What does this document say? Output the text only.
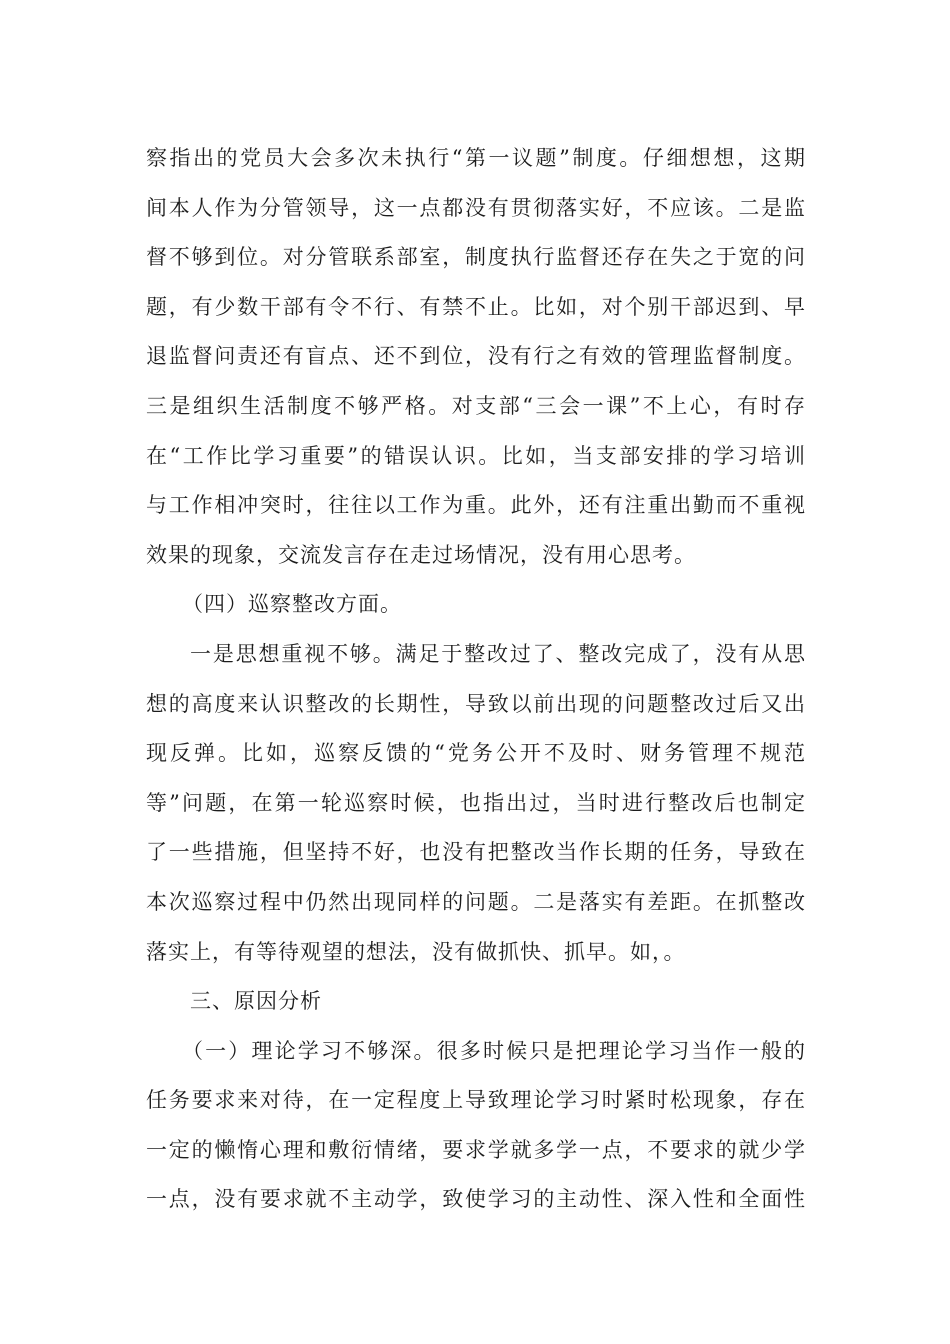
察指出的党员大会多次未执行“第一议题”制度。仔细想想，这期
间本人作为分管领导，这一点都没有贯彻落实好，不应该。二是监
督不够到位。对分管联系部室，制度执行监督还存在失之于宽的问
题，有少数干部有令不行、有禁不止。比如，对个别干部迟到、早
退监督问责还有盲点、还不到位，没有行之有效的管理监督制度。
三是组织生活制度不够严格。对支部“三会一课”不上心，有时存
在“工作比学习重要”的错误认识。比如，当支部安排的学习培训
与工作相冲突时，往往以工作为重。此外，还有注重出勤而不重视
效果的现象，交流发言存在走过场情况，没有用心思考。
（四）巡察整改方面。
一是思想重视不够。满足于整改过了、整改完成了，没有从思
想的高度来认识整改的长期性，导致以前出现的问题整改过后又出
现反弹。比如，巡察反馈的“党务公开不及时、财务管理不规范
等”问题，在第一轮巡察时候，也指出过，当时进行整改后也制定
了一些措施，但坚持不好，也没有把整改当作长期的任务，导致在
本次巡察过程中仍然出现同样的问题。二是落实有差距。在抓整改
落实上，有等待观望的想法，没有做抓快、抓早。如，。
三、原因分析
（一）理论学习不够深。很多时候只是把理论学习当作一般的
任务要求来对待，在一定程度上导致理论学习时紧时松现象，存在
一定的懒惰心理和敷衍情绪，要求学就多学一点，不要求的就少学
一点，没有要求就不主动学，致使学习的主动性、深入性和全面性
